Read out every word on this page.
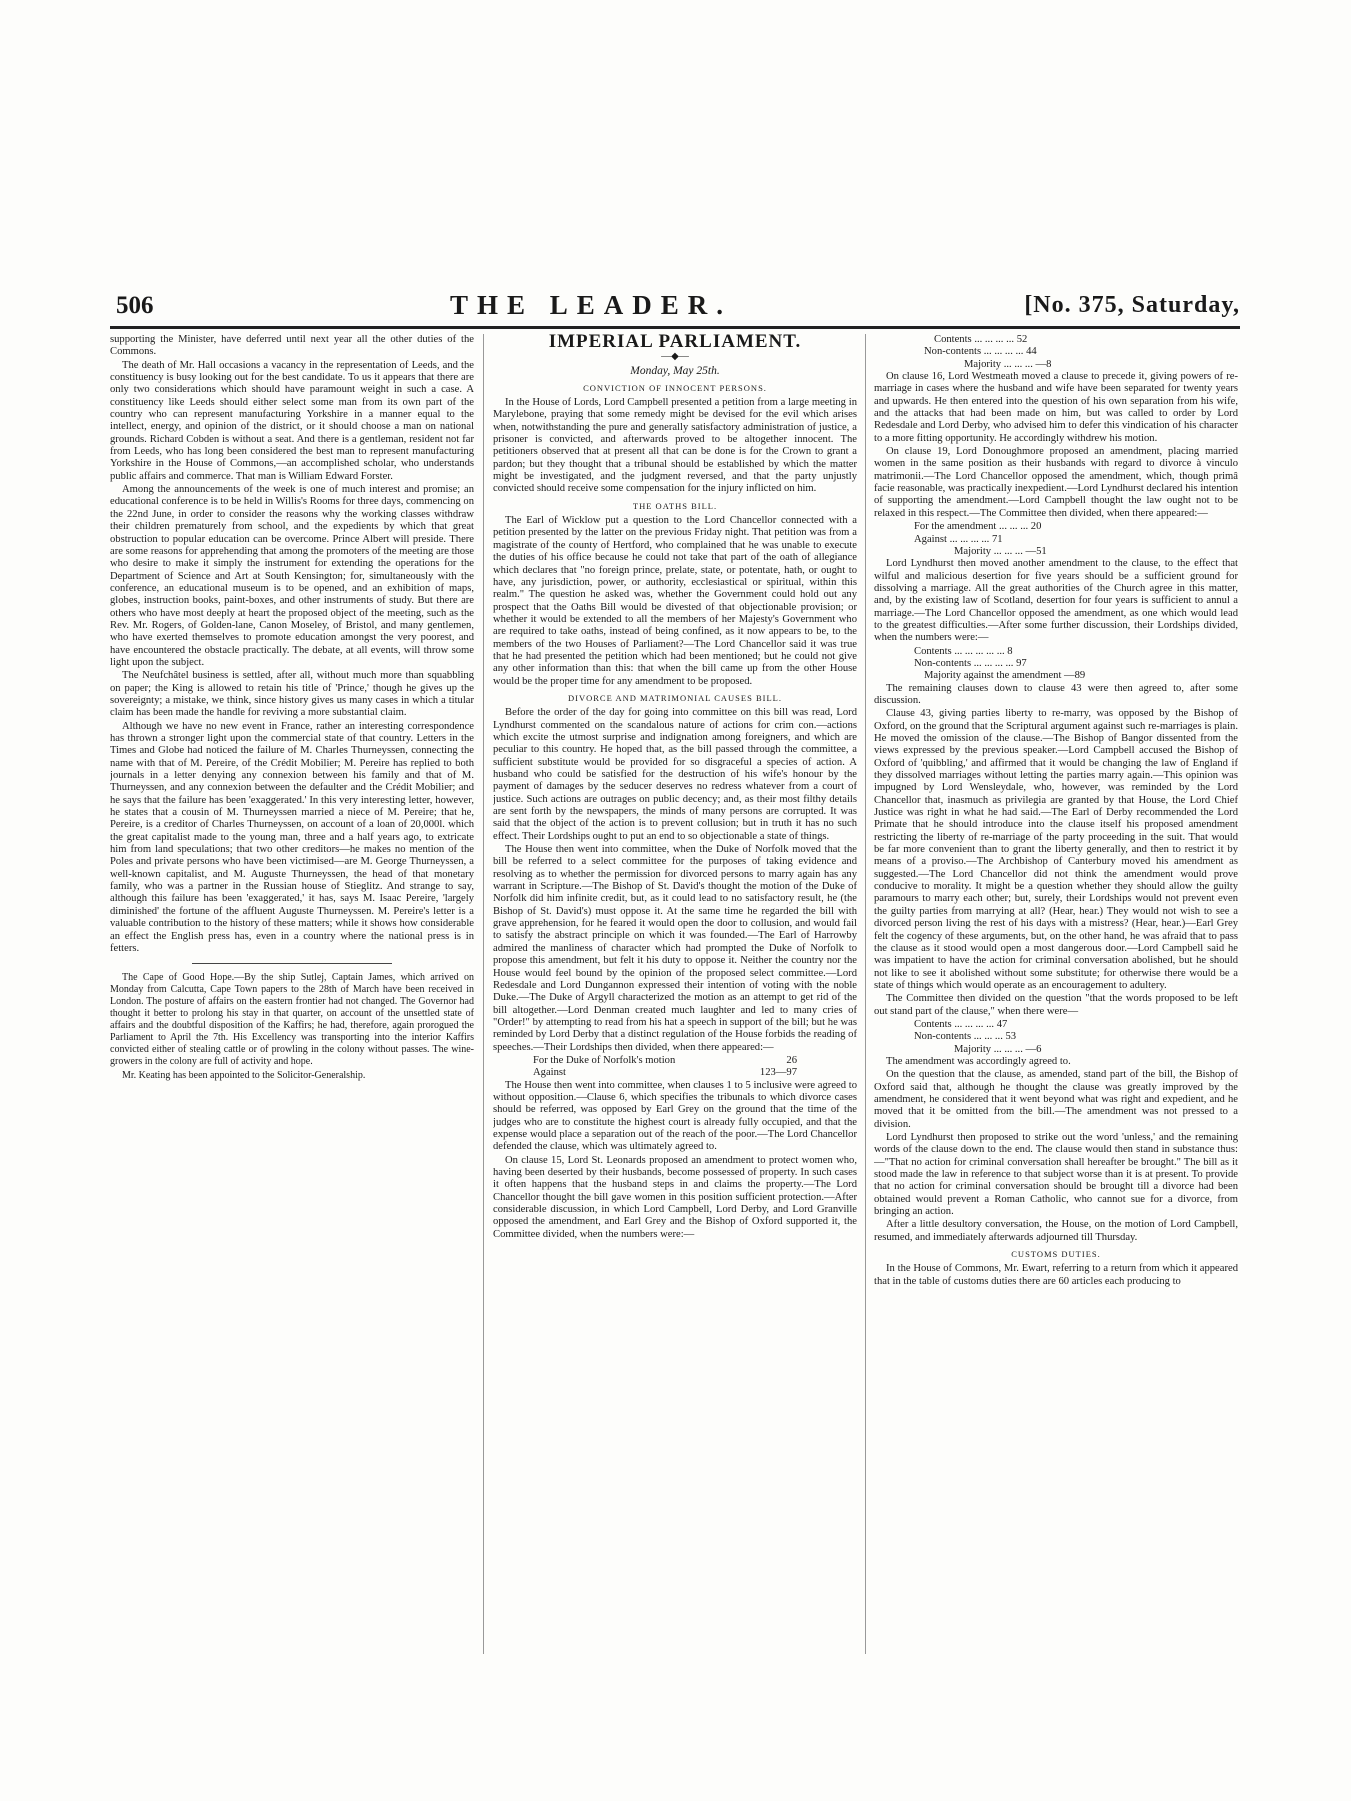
506	THE LEADER.	[No. 375, Saturday,

supporting the Minister, have deferred until next year all the other duties of the Commons.

The death of Mr. Hall occasions a vacancy in the representation of Leeds, and the constituency is busy looking out for the best candidate. To us it appears that there are only two considerations which should have paramount weight in such a case. A constituency like Leeds should either select some man from its own part of the country who can represent manufacturing Yorkshire in a manner equal to the intellect, energy, and opinion of the district, or it should choose a man on national grounds. Richard Cobden is without a seat. And there is a gentleman, resident not far from Leeds, who has long been considered the best man to represent manufacturing Yorkshire in the House of Commons,—an accomplished scholar, who understands public affairs and commerce. That man is William Edward Forster.

Among the announcements of the week is one of much interest and promise; an educational conference is to be held in Willis's Rooms for three days, commencing on the 22nd June, in order to consider the reasons why the working classes withdraw their children prematurely from school, and the expedients by which that great obstruction to popular education can be overcome. Prince Albert will preside. There are some reasons for apprehending that among the promoters of the meeting are those who desire to make it simply the instrument for extending the operations for the Department of Science and Art at South Kensington; for, simultaneously with the conference, an educational museum is to be opened, and an exhibition of maps, globes, instruction books, paint-boxes, and other instruments of study. But there are others who have most deeply at heart the proposed object of the meeting, such as the Rev. Mr. Rogers, of Golden-lane, Canon Moseley, of Bristol, and many gentlemen, who have exerted themselves to promote education amongst the very poorest, and have encountered the obstacle practically. The debate, at all events, will throw some light upon the subject.

The Neufchâtel business is settled, after all, without much more than squabbling on paper; the King is allowed to retain his title of 'Prince,' though he gives up the sovereignty; a mistake, we think, since history gives us many cases in which a titular claim has been made the handle for reviving a more substantial claim.

Although we have no new event in France, rather an interesting correspondence has thrown a stronger light upon the commercial state of that country. Letters in the Times and Globe had noticed the failure of M. Charles Thurneyssen, connecting the name with that of M. Pereire, of the Crédit Mobilier; M. Pereire has replied to both journals in a letter denying any connexion between his family and that of M. Thurneyssen, and any connexion between the defaulter and the Crédit Mobilier; and he says that the failure has been 'exaggerated.' In this very interesting letter, however, he states that a cousin of M. Thurneyssen married a niece of M. Pereire; that he, Pereire, is a creditor of Charles Thurneyssen, on account of a loan of 20,000l. which the great capitalist made to the young man, three and a half years ago, to extricate him from land speculations; that two other creditors—he makes no mention of the Poles and private persons who have been victimised—are M. George Thurneyssen, a well-known capitalist, and M. Auguste Thurneyssen, the head of that monetary family, who was a partner in the Russian house of Stieglitz. And strange to say, although this failure has been 'exaggerated,' it has, says M. Isaac Pereire, 'largely diminished' the fortune of the affluent Auguste Thurneyssen. M. Pereire's letter is a valuable contribution to the history of these matters; while it shows how considerable an effect the English press has, even in a country where the national press is in fetters.

The Cape of Good Hope.—By the ship Sutlej, Captain James, which arrived on Monday from Calcutta, Cape Town papers to the 28th of March have been received in London. The posture of affairs on the eastern frontier had not changed. The Governor had thought it better to prolong his stay in that quarter, on account of the unsettled state of affairs and the doubtful disposition of the Kaffirs; he had, therefore, again prorogued the Parliament to April the 7th. His Excellency was transporting into the interior Kaffirs convicted either of stealing cattle or of prowling in the colony without passes. The wine-growers in the colony are full of activity and hope.

Mr. Keating has been appointed to the Solicitor-Generalship.

IMPERIAL PARLIAMENT.
—◆—
Monday, May 25th.
CONVICTION OF INNOCENT PERSONS.

In the House of Lords, Lord Campbell presented a petition from a large meeting in Marylebone, praying that some remedy might be devised for the evil which arises when, notwithstanding the pure and generally satisfactory administration of justice, a prisoner is convicted, and afterwards proved to be altogether innocent. The petitioners observed that at present all that can be done is for the Crown to grant a pardon; but they thought that a tribunal should be established by which the matter might be investigated, and the judgment reversed, and that the party unjustly convicted should receive some compensation for the injury inflicted on him.

THE OATHS BILL.

The Earl of Wicklow put a question to the Lord Chancellor connected with a petition presented by the latter on the previous Friday night. That petition was from a magistrate of the county of Hertford, who complained that he was unable to execute the duties of his office because he could not take that part of the oath of allegiance which declares that "no foreign prince, prelate, state, or potentate, hath, or ought to have, any jurisdiction, power, or authority, ecclesiastical or spiritual, within this realm." The question he asked was, whether the Government could hold out any prospect that the Oaths Bill would be divested of that objectionable provision; or whether it would be extended to all the members of her Majesty's Government who are required to take oaths, instead of being confined, as it now appears to be, to the members of the two Houses of Parliament?—The Lord Chancellor said it was true that he had presented the petition which had been mentioned; but he could not give any other information than this: that when the bill came up from the other House would be the proper time for any amendment to be proposed.

DIVORCE AND MATRIMONIAL CAUSES BILL.

Before the order of the day for going into committee on this bill was read, Lord Lyndhurst commented on the scandalous nature of actions for crim con.—actions which excite the utmost surprise and indignation among foreigners, and which are peculiar to this country. He hoped that, as the bill passed through the committee, a sufficient substitute would be provided for so disgraceful a species of action. A husband who could be satisfied for the destruction of his wife's honour by the payment of damages by the seducer deserves no redress whatever from a court of justice. Such actions are outrages on public decency; and, as their most filthy details are sent forth by the newspapers, the minds of many persons are corrupted. It was said that the object of the action is to prevent collusion; but in truth it has no such effect. Their Lordships ought to put an end to so objectionable a state of things.

The House then went into committee, when the Duke of Norfolk moved that the bill be referred to a select committee for the purposes of taking evidence and resolving as to whether the permission for divorced persons to marry again has any warrant in Scripture.—The Bishop of St. David's thought the motion of the Duke of Norfolk did him infinite credit, but, as it could lead to no satisfactory result, he (the Bishop of St. David's) must oppose it. At the same time he regarded the bill with grave apprehension, for he feared it would open the door to collusion, and would fail to satisfy the abstract principle on which it was founded.—The Earl of Harrowby admired the manliness of character which had prompted the Duke of Norfolk to propose this amendment, but felt it his duty to oppose it. Neither the country nor the House would feel bound by the opinion of the proposed select committee.—Lord Redesdale and Lord Dungannon expressed their intention of voting with the noble Duke.—The Duke of Argyll characterized the motion as an attempt to get rid of the bill altogether.—Lord Denman created much laughter and led to many cries of "Order!" by attempting to read from his hat a speech in support of the bill; but he was reminded by Lord Derby that a distinct regulation of the House forbids the reading of speeches.—Their Lordships then divided, when there appeared:—

For the Duke of Norfolk's motion	26
Against	123—97

The House then went into committee, when clauses 1 to 5 inclusive were agreed to without opposition.—Clause 6, which specifies the tribunals to which divorce cases should be referred, was opposed by Earl Grey on the ground that the time of the judges who are to constitute the highest court is already fully occupied, and that the expense would place a separation out of the reach of the poor.—The Lord Chancellor defended the clause, which was ultimately agreed to.

On clause 15, Lord St. Leonards proposed an amendment to protect women who, having been deserted by their husbands, become possessed of property. In such cases it often happens that the husband steps in and claims the property.—The Lord Chancellor thought the bill gave women in this position sufficient protection.—After considerable discussion, in which Lord Campbell, Lord Derby, and Lord Granville opposed the amendment, and Earl Grey and the Bishop of Oxford supported it, the Committee divided, when the numbers were:—

Contents ... ... ... ... 52
Non-contents ... ... ... ... 44
Majority ... ... ... —8

On clause 16, Lord Westmeath moved a clause to precede it, giving powers of re-marriage in cases where the husband and wife have been separated for twenty years and upwards. He then entered into the question of his own separation from his wife, and the attacks that had been made on him, but was called to order by Lord Redesdale and Lord Derby, who advised him to defer this vindication of his character to a more fitting opportunity. He accordingly withdrew his motion.

On clause 19, Lord Donoughmore proposed an amendment, placing married women in the same position as their husbands with regard to divorce à vinculo matrimonii.—The Lord Chancellor opposed the amendment, which, though primâ facie reasonable, was practically inexpedient.—Lord Lyndhurst declared his intention of supporting the amendment.—Lord Campbell thought the law ought not to be relaxed in this respect.—The Committee then divided, when there appeared:—

For the amendment ... ... ... 20
Against ... ... ... ... 71
Majority ... ... ... —51

Lord Lyndhurst then moved another amendment to the clause, to the effect that wilful and malicious desertion for five years should be a sufficient ground for dissolving a marriage. All the great authorities of the Church agree in this matter, and, by the existing law of Scotland, desertion for four years is sufficient to annul a marriage.—The Lord Chancellor opposed the amendment, as one which would lead to the greatest difficulties.—After some further discussion, their Lordships divided, when the numbers were:—

Contents ... ... ... ... ... 8
Non-contents ... ... ... ... 97
Majority against the amendment —89

The remaining clauses down to clause 43 were then agreed to, after some discussion.

Clause 43, giving parties liberty to re-marry, was opposed by the Bishop of Oxford, on the ground that the Scriptural argument against such re-marriages is plain. He moved the omission of the clause.—The Bishop of Bangor dissented from the views expressed by the previous speaker.—Lord Campbell accused the Bishop of Oxford of 'quibbling,' and affirmed that it would be changing the law of England if they dissolved marriages without letting the parties marry again.—This opinion was impugned by Lord Wensleydale, who, however, was reminded by the Lord Chancellor that, inasmuch as privilegia are granted by that House, the Lord Chief Justice was right in what he had said.—The Earl of Derby recommended the Lord Primate that he should introduce into the clause itself his proposed amendment restricting the liberty of re-marriage of the party proceeding in the suit. That would be far more convenient than to grant the liberty generally, and then to restrict it by means of a proviso.—The Archbishop of Canterbury moved his amendment as suggested.—The Lord Chancellor did not think the amendment would prove conducive to morality. It might be a question whether they should allow the guilty paramours to marry each other; but, surely, their Lordships would not prevent even the guilty parties from marrying at all? (Hear, hear.) They would not wish to see a divorced person living the rest of his days with a mistress? (Hear, hear.)—Earl Grey felt the cogency of these arguments, but, on the other hand, he was afraid that to pass the clause as it stood would open a most dangerous door.—Lord Campbell said he was impatient to have the action for criminal conversation abolished, but he should not like to see it abolished without some substitute; for otherwise there would be a state of things which would operate as an encouragement to adultery.

The Committee then divided on the question "that the words proposed to be left out stand part of the clause," when there were—

Contents ... ... ... ... 47
Non-contents ... ... ... 53
Majority ... ... ... —6

The amendment was accordingly agreed to.

On the question that the clause, as amended, stand part of the bill, the Bishop of Oxford said that, although he thought the clause was greatly improved by the amendment, he considered that it went beyond what was right and expedient, and he moved that it be omitted from the bill.—The amendment was not pressed to a division.

Lord Lyndhurst then proposed to strike out the word 'unless,' and the remaining words of the clause down to the end. The clause would then stand in substance thus:—"That no action for criminal conversation shall hereafter be brought." The bill as it stood made the law in reference to that subject worse than it is at present. To provide that no action for criminal conversation should be brought till a divorce had been obtained would prevent a Roman Catholic, who cannot sue for a divorce, from bringing an action.

After a little desultory conversation, the House, on the motion of Lord Campbell, resumed, and immediately afterwards adjourned till Thursday.

CUSTOMS DUTIES.

In the House of Commons, Mr. Ewart, referring to a return from which it appeared that in the table of customs duties there are 60 articles each producing to
